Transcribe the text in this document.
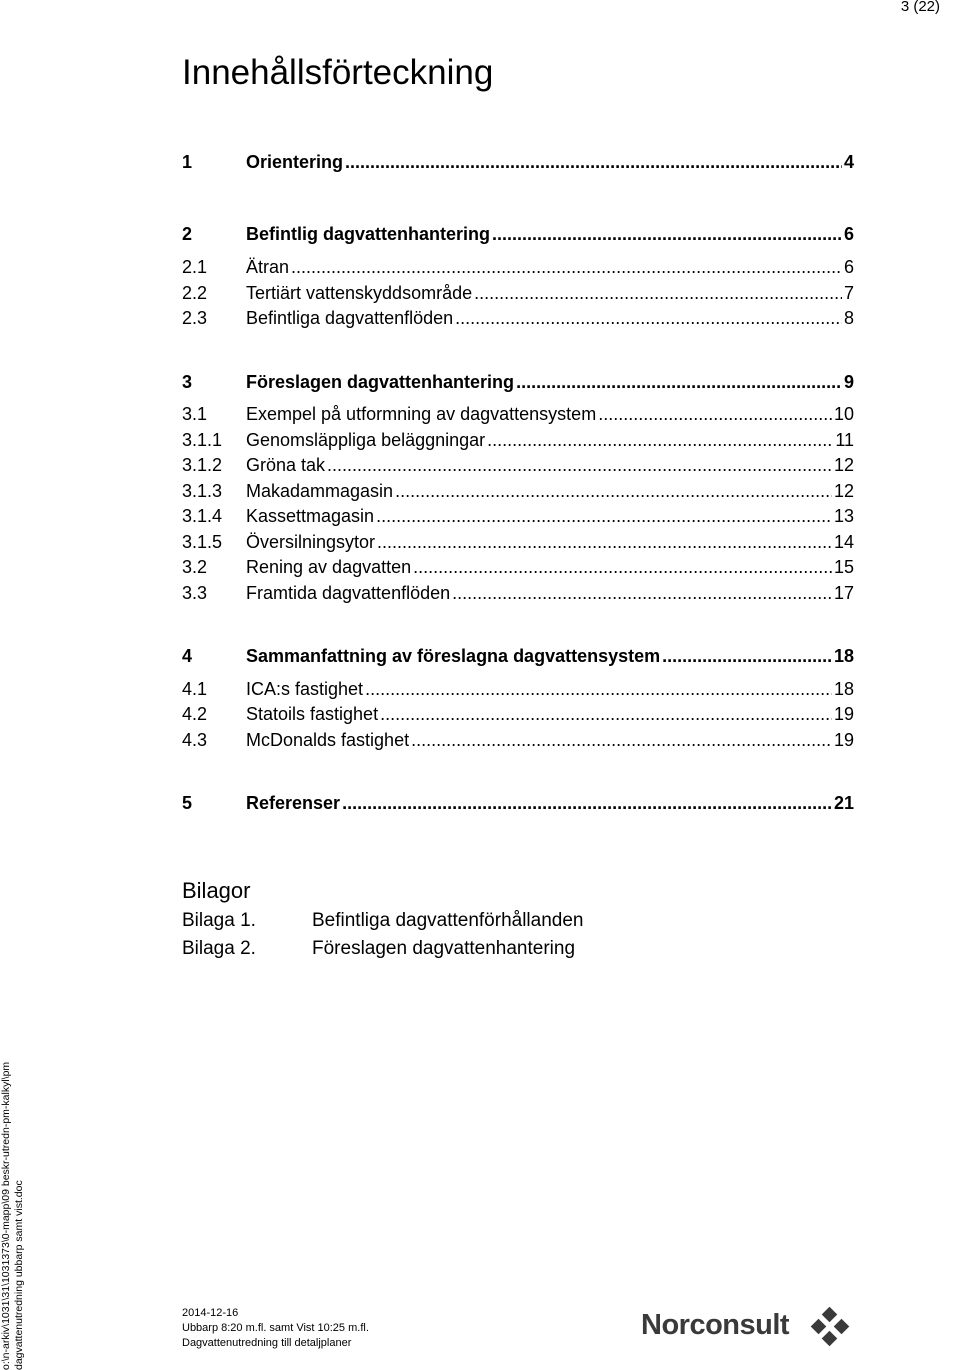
3 (22)
Innehållsförteckning
1	Orientering .....	4
2	Befintlig dagvattenhantering .....	6
2.1	Ätran .....	6
2.2	Tertiärt vattenskyddsområde .....	7
2.3	Befintliga dagvattenflöden .....	8
3	Föreslagen dagvattenhantering .....	9
3.1	Exempel på utformning av dagvattensystem .....	10
3.1.1	Genomsläppliga beläggningar .....	11
3.1.2	Gröna tak .....	12
3.1.3	Makadammagasin .....	12
3.1.4	Kassettmagasin .....	13
3.1.5	Översilningsytor .....	14
3.2	Rening av dagvatten .....	15
3.3	Framtida dagvattenflöden .....	17
4	Sammanfattning av föreslagna dagvattensystem .....	18
4.1	ICA:s fastighet .....	18
4.2	Statoils fastighet .....	19
4.3	McDonalds fastighet .....	19
5	Referenser .....	21
Bilagor
Bilaga 1.	Befintliga dagvattenförhållanden
Bilaga 2.	Föreslagen dagvattenhantering
o:\n-arkiv\1031\31\1031373\0-mapp\09 beskr-utredn-pm-kalkyl\pm dagvattenutredning ubbarp samt vist.doc	2014-12-16
Ubbarp 8:20 m.fl. samt Vist 10:25 m.fl.
Dagvattenutredning till detaljplaner
Norconsult
